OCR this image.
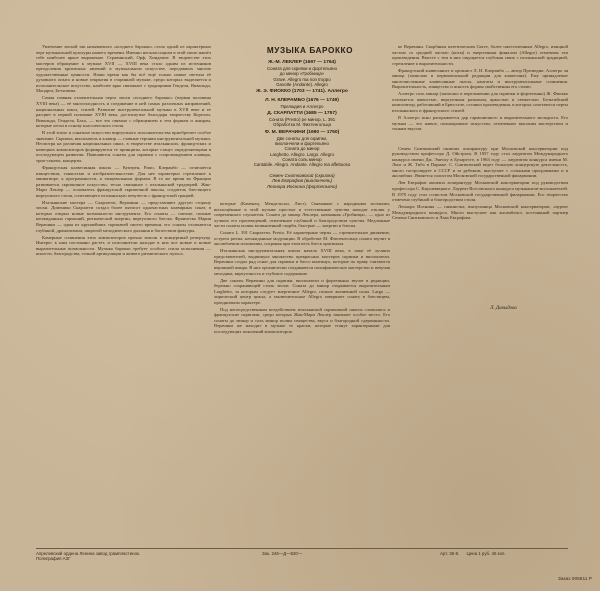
Увлечение эпохой так называемого «позднего барокко» стало одной из характерных черт музыкальной культуры нашего времени. Именно неоклассицизм в этой эпохе нашёл себе наиболее яркое выражение. Стравинский, Орф, Хиндемит. В творчестве этих мастеров обращение к музыке XVII — XVIII века стало одним из источников преодоления кризисных явлений в музыкальном искусстве, передавших многие художественные ценности. Наши время как бы всё ещё только новые светила её духовного опыта и новые открытия в старинной музыке, среди которых выделяется и исполнительское искусство, наиболее ярко связанное с традициями Генделя, Вивальди, Моцарта, Бетховена.

Самая главная отличительная черта эпохи «позднего барокко» (первая половина XVIII века) — её многоплодность и соединение в ней самых различных направлений, национальных школ, стилей. Развитие инструментальной музыки в XVII веке и ее расцвет в первой половине XVIII века, достигнутые благодаря творчеству Корелли, Вивальди, Генделя, Баха, — все это связано с обращением к тем формам и жанрам, которые легли в основу классического стиля.

В этой эпохе и сонатное искусство виртуозного исполнительства приобретает особое значение. Скрипка, виолончель и клавир — главные героями инструментальной музыки. Несмотря на различия национальных школ, в творчестве итальянских, французских и немецких композиторов формируются те принципы, которые станут определяющими в последующем развитии. Появляются сонаты для скрипки с сопровождением клавира, трио-сонаты, концерты.

Французская клавесинная школа — Куперен, Рамо, Клерамбо — отличается изяществом, тонкостью и изобразительностью. Для нее характерно стремление к миниатюре, к программности, к танцевальным формам. В то же время во Франции развивается скрипичное искусство, тесно связанное с итальянской традицией. Жан-Мари Леклер — основатель французской скрипичной школы, создатель блестящего виртуозного стиля, сочетающего итальянскую певучесть с французской грацией.

Итальянские мастера — Скарлатти, Верачини — представляют другую сторону эпохи. Доменико Скарлатти создал более пятисот одночастных клавирных сонат, в которых открыл новые возможности инструмента. Его сонаты — смелые, полные неожиданных гармоний, ритмической энергии, виртуозного блеска. Франческо Мария Верачини — один из крупнейших скрипачей своего времени, его сонаты отличаются глубиной, драматизмом, широтой мелодического дыхания и богатством фактуры.

Камерные сочинения этих композиторов прочно вошли в концертный репертуар. Интерес к ним постоянно растет, и исполнители находят в них все новые и новые выразительные возможности. Музыка барокко требует особого стиля исполнения — ясности, благородства, точной артикуляции и живого ритмического пульса.

МУЗЫКА БАРОККО
Ж.-М. ЛЕКЛЕР (1697 — 1764)
Соната для скрипки и фортепьяно
до минор «Гробница»
Grave. Allegro ma non troppo
Gavotte (Andante). Allegro
Ж. Э. ФИОККО (1703 — 1741). Аллегро
Л. Н. КЛЕРАМБО (1676 — 1749)
Прелюдия и Аллегро
Д. СКАРЛАТТИ (1685 — 1757)
Соната (Presto) ре минор, L. 391
Обработка М. Фихтенгольца
Ф. М. ВЕРАЧИНИ (1690 — 1750)
Две сонаты для скрипки,
виолончели и фортепьяно
Соната до минор
Larghetto. Allegro. Largo. Allegro
Соната соль минор
Cantabile. Allegro. Andante. Allegro ma affettuoso
Семен Снитковский (скрипка)
Лев Евграфов (виолончель)
Леонора Иоснина (фортепьяно)

которые (Каменец, Мендельсон, Лист). Связанные с народными истоками, воплощённые в этой музыке простые и естественные чувства находят отклик у современного слушателя. Соната до минор Леклера, названная «Гробница», — одно из лучших его произведений, отмеченное глубиной и благородством чувства. Медленные части сонаты полны возвышенной скорби, быстрые — энергии и блеска.

Соната L. 391 Скарлатти. Presto. Её характерные черты — стремительное движение, острота ритма, неожиданные модуляции. В обработке М. Фихтенгольца соната звучит в ансамблевом изложении, сохраняя при этом весь блеск оригинала.

Итальянская инструментальная школа начала XVIII века, в лице её лучших представителей, выдвинула множество прекрасных мастеров скрипки и виолончели. Верачини создал ряд сонат для скрипки и бассо континуо, которые по праву считаются вершиной жанра. В них органически соединяются полифоническое мастерство и певучая мелодика, виртуозность и глубокое содержание.

Две сонаты Верачини для скрипки, виолончели и фортепьяно звучат в редакции, бережно сохраняющей стиль эпохи. Соната до минор открывается выразительным Larghetto, за которым следует энергичное Allegro, полное жизненной силы. Largo — лирический центр цикла, а заключительное Allegro завершает сонату в блестящем, праздничном характере.

Под непосредственным воздействием итальянской скрипичной школы сложились и французские скрипачи, среди которых Жан-Мари Леклер занимает особое место. Его сонаты до минор и соль минор полны изящества, вкуса и благородной сдержанности. Верачини же находит в музыке те краски, которые станут характерными для последующих поколений композиторов.

ке Верачини. Скорбным патетическим Grave, более ожесточенным Allegro, изящной частью со средней частью (ноты) и энергичным финалом (Allegro) отмечены эти произведения. Вместе с тем в них ощущается глубокая связь с итальянской традицией, стремление к выразительности.

Французский клавесинист и органист Л. Н. Клерамбо — автор Прелюдии. Аллегро ля минор (записано в первоначальной редакции для клавесина). Ему принадлежат многочисленные клавесинные пьесы, кантаты и инструментальные сочинения. Выразительность, изящество и ясность формы свойственны его стилю.

Аллегро соль минор (записано в переложении для скрипки и фортепьяно) Ж. Фиокко отличается живостью, виртуозным размахом, яркостью и свежестью. Бельгийский композитор, работавший в Брюсселе, оставил произведения, в которых сочетаются черты итальянского и французского стилей.

В Аллегро ясно раскрывается дар гармоничного и выразительного мелодиста. Его музыка — это живое, полнокровное искусство, отмеченное высоким мастерством и тонким вкусом.

Семен Снитковский окончил аспирантуру при Московской консерватории под руководством профессора Д. Ойстраха. В 1957 году стал лауреатом Международного конкурса имени Дж. Энеску в Бухаресте, в 1963 году — лауреатом конкурса имени М. Лонг и Ж. Тибо в Париже. С. Снитковский ведет большую концертную деятельность, много гастролирует в СССР и за рубежом, выступает с сольными программами и в ансамблях. Является солистом Московской государственной филармонии.

Лев Евграфов окончил аспирантуру Московской консерватории под руководством профессора С. Кнушевицкого. Лауреат Всесоюзного конкурса музыкантов-исполнителей. В 1970 году стал солистом Московской государственной филармонии. Его творчество отмечено глубиной и благородством стиля.

Леонора Иоснина — пианистка, выпускница Московской консерватории, лауреат Международного конкурса. Много выступает как ансамблист, постоянный партнер Семена Снитковского и Льва Евграфова.

Л. Давыдова
Апрелевский ордена Ленина завод грампластинок.
Полиграфия АЗГ
Зак. 246—Д—820—	Арт. 36-8. Цена 1 руб. 45 коп.
Заказ 005611 Р
